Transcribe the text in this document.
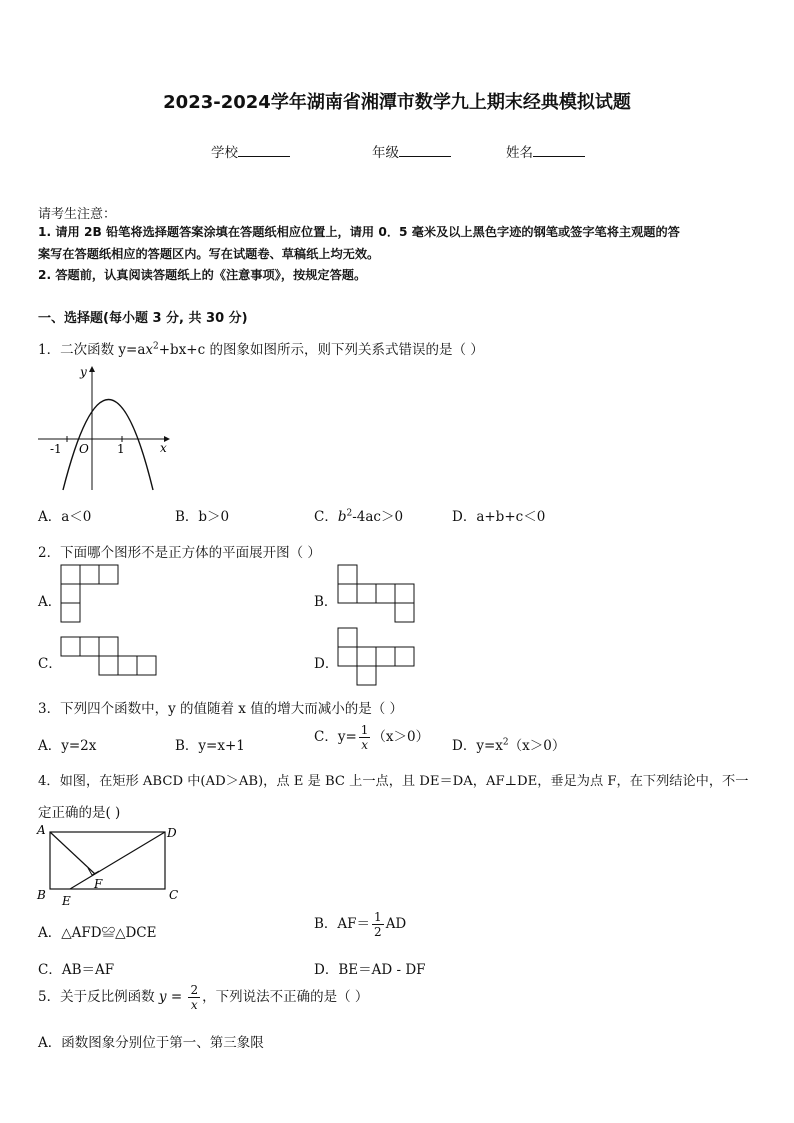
2023-2024学年湖南省湘潭市数学九上期末经典模拟试题
学校	年级	姓名
请考生注意：
1. 请用 2B 铅笔将选择题答案涂填在答题纸相应位置上，请用 0．5 毫米及以上黑色字迹的钢笔或签字笔将主观题的答
案写在答题纸相应的答题区内。写在试题卷、草稿纸上均无效。
2. 答题前，认真阅读答题纸上的《注意事项》，按规定答题。
一、选择题(每小题 3 分, 共 30 分)
1．二次函数 $y=ax^2+bx+c$ 的图象如图所示，则下列关系式错误的是（ ）
y
x
O
-1	1
A．a＜0	B．b＞0	C．$b^2-4ac>0$	D．a+b+c＜0
2．下面哪个图形不是正方体的平面展开图（ ）
A．	B．
C．	D．
3．下列四个函数中，y 的值随着 x 值的增大而减小的是（ ）
A．y=2x	B．y=x+1
C．$y= \frac{1}{x} (x>0)$
D．$y=x^2(x>0)$
4．如图，在矩形 ABCD 中(AD＞AB)，点 E 是 BC 上一点，且 DE＝DA，AF⊥DE，垂足为点 F，在下列结论中，不一
定正确的是( )
A	D
B	C
E
F
A．△AFD≌△DCE
B．$AF= \frac{1}{2}$ AD
C．AB＝AF	D．BE＝AD - DF
5．关于反比例函数 $y = \frac{2}{x}$ ，下列说法不正确的是（ ）
A．函数图象分别位于第一、第三象限
